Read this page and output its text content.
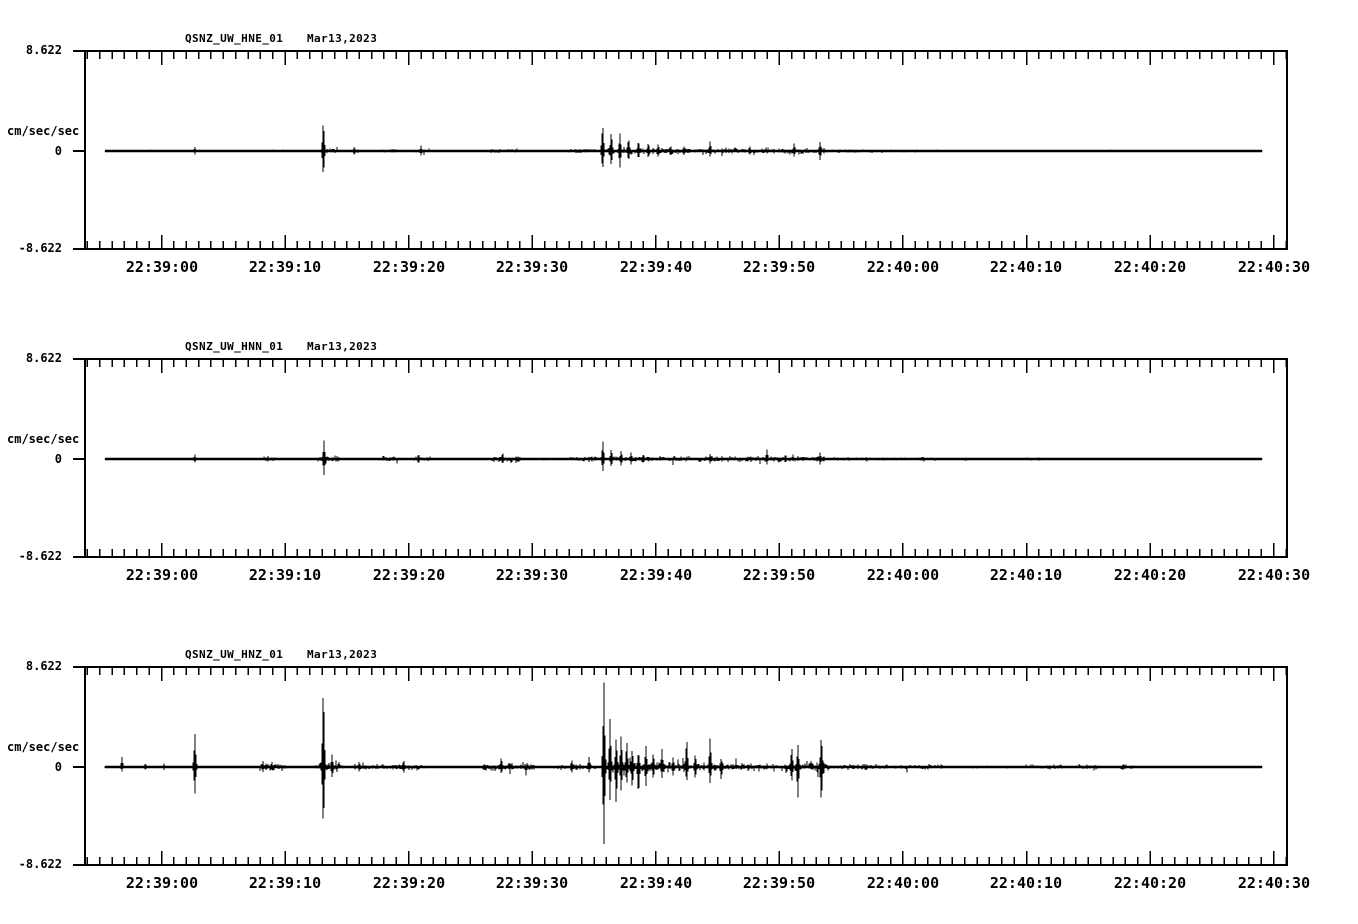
QSNZ_UW_HNE_01 Mar13,2023
8.622
cm/sec/sec
0
-8.622
22:39:00	22:39:10	22:39:20	22:39:30	22:39:40	22:39:50	22:40:00	22:40:10	22:40:20	22:40:30
QSNZ_UW_HNN_01 Mar13,2023
8.622
cm/sec/sec
0
-8.622
22:39:00	22:39:10	22:39:20	22:39:30	22:39:40	22:39:50	22:40:00	22:40:10	22:40:20	22:40:30
QSNZ_UW_HNZ_01 Mar13,2023
8.622
cm/sec/sec
0
-8.622
22:39:00	22:39:10	22:39:20	22:39:30	22:39:40	22:39:50	22:40:00	22:40:10	22:40:20	22:40:30
